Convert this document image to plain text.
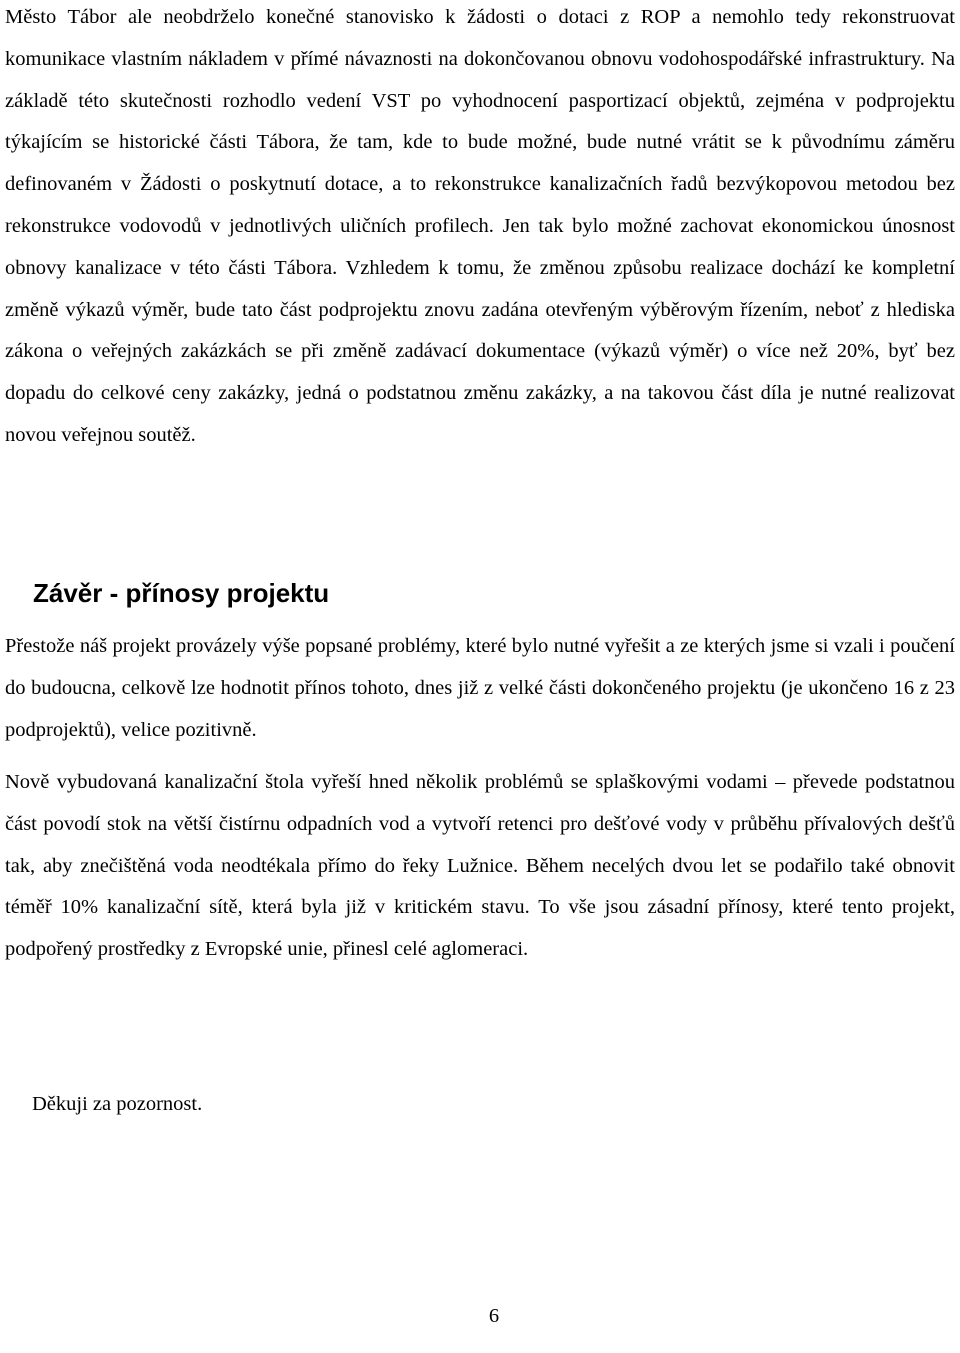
Město Tábor ale neobdrželo konečné stanovisko k žádosti o dotaci z ROP a nemohlo tedy rekonstruovat komunikace vlastním nákladem v přímé návaznosti na dokončovanou obnovu vodohospodářské infrastruktury. Na základě této skutečnosti rozhodlo vedení VST po vyhodnocení pasportizací objektů, zejména v podprojektu týkajícím se historické části Tábora, že tam, kde to bude možné, bude nutné vrátit se k původnímu záměru definovaném v Žádosti o poskytnutí dotace, a to rekonstrukce kanalizačních řadů bezvýkopovou metodou bez rekonstrukce vodovodů v jednotlivých uličních profilech. Jen tak bylo možné zachovat ekonomickou únosnost obnovy kanalizace v této části Tábora. Vzhledem k tomu, že změnou způsobu realizace dochází ke kompletní změně výkazů výměr, bude tato část podprojektu znovu zadána otevřeným výběrovým řízením, neboť z hlediska zákona o veřejných zakázkách se při změně zadávací dokumentace (výkazů výměr) o více než 20%, byť bez dopadu do celkové ceny zakázky, jedná o podstatnou změnu zakázky, a na takovou část díla je nutné realizovat novou veřejnou soutěž.

Závěr - přínosy projektu

Přestože náš projekt provázely výše popsané problémy, které bylo nutné vyřešit a ze kterých jsme si vzali i poučení do budoucna, celkově lze hodnotit přínos tohoto, dnes již z velké části dokončeného projektu (je ukončeno 16 z 23 podprojektů), velice pozitivně.

Nově vybudovaná kanalizační štola vyřeší hned několik problémů se splaškovými vodami – převede podstatnou část povodí stok na větší čistírnu odpadních vod a vytvoří retenci pro dešťové vody v průběhu přívalových dešťů tak, aby znečištěná voda neodtékala přímo do řeky Lužnice. Během necelých dvou let se podařilo také obnovit téměř 10% kanalizační sítě, která byla již v kritickém stavu. To vše jsou zásadní přínosy, které tento projekt, podpořený prostředky z Evropské unie, přinesl celé aglomeraci.

Děkuji za pozornost.

6
